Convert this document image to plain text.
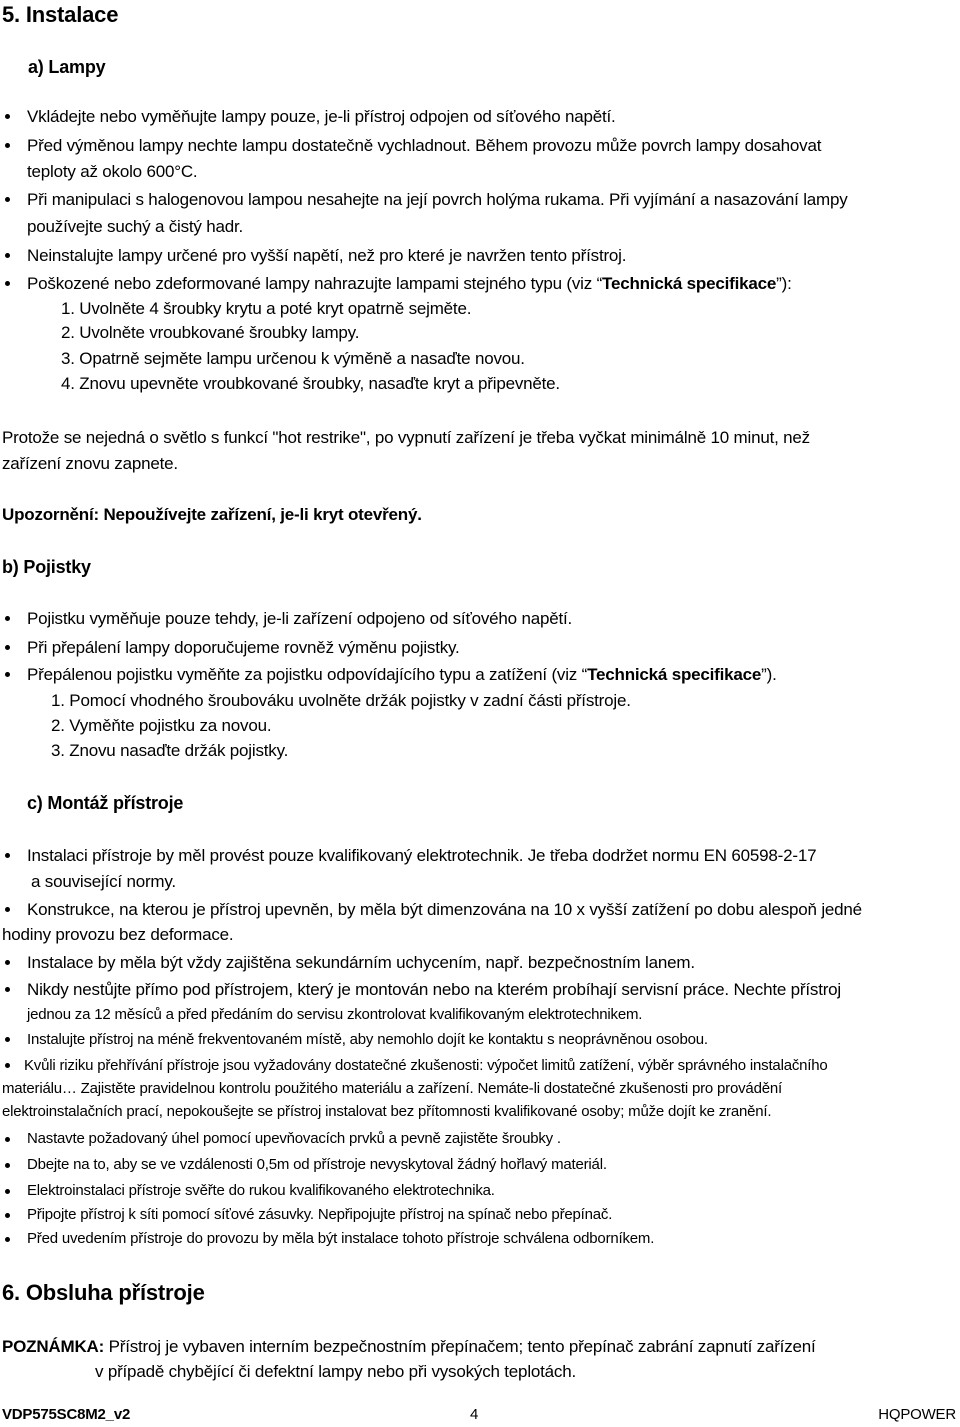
5. Instalace
a) Lampy
Vkládejte nebo vyměňujte lampy pouze, je-li přístroj odpojen od síťového napětí.
Před výměnou lampy nechte lampu dostatečně vychladnout. Během provozu může povrch lampy dosahovat
teploty až okolo 600°C.
Při manipulaci s halogenovou lampou nesahejte na její povrch holýma rukama. Při vyjímání a nasazování lampy
používejte suchý a čistý hadr.
Neinstalujte lampy určené pro vyšší napětí, než pro které je navržen tento přístroj.
Poškozené nebo zdeformované lampy nahrazujte lampami stejného typu (viz “Technická specifikace”):
1. Uvolněte 4 šroubky krytu a poté kryt opatrně sejměte.
2. Uvolněte vroubkované šroubky lampy.
3. Opatrně sejměte lampu určenou k výměně a nasaďte novou.
4. Znovu upevněte vroubkované šroubky, nasaďte kryt a připevněte.
Protože se nejedná o světlo s funkcí "hot restrike", po vypnutí zařízení je třeba vyčkat minimálně 10 minut, než
zařízení znovu zapnete.
Upozornění: Nepoužívejte zařízení, je-li kryt otevřený.
b) Pojistky
Pojistku vyměňuje pouze tehdy, je-li zařízení odpojeno od síťového napětí.
Při přepálení lampy doporučujeme rovněž výměnu pojistky.
Přepálenou pojistku vyměňte za pojistku odpovídajícího typu a zatížení (viz “Technická specifikace”).
1. Pomocí vhodného šroubováku uvolněte držák pojistky v zadní části přístroje.
2. Vyměňte pojistku za novou.
3. Znovu nasaďte držák pojistky.
c) Montáž přístroje
Instalaci přístroje by měl provést pouze kvalifikovaný elektrotechnik. Je třeba dodržet normu EN 60598-2-17
a související normy.
Konstrukce, na kterou je přístroj upevněn, by měla být dimenzována na 10 x vyšší zatížení po dobu alespoň jedné
hodiny provozu bez deformace.
Instalace by měla být vždy zajištěna sekundárním uchycením, např. bezpečnostním lanem.
Nikdy nestůjte přímo pod přístrojem, který je montován nebo na kterém probíhají servisní práce. Nechte přístroj
jednou za 12 měsíců a před předáním do servisu zkontrolovat kvalifikovaným elektrotechnikem.
Instalujte přístroj na méně frekventovaném místě, aby nemohlo dojít ke kontaktu s neoprávněnou osobou.
Kvůli riziku přehřívání přístroje jsou vyžadovány dostatečné zkušenosti: výpočet limitů zatížení, výběr správného instalačního
materiálu… Zajistěte pravidelnou kontrolu použitého materiálu a zařízení. Nemáte-li dostatečné zkušenosti pro provádění
elektroinstalačních prací, nepokoušejte se přístroj instalovat bez přítomnosti kvalifikované osoby; může dojít ke zranění.
Nastavte požadovaný úhel pomocí upevňovacích prvků a pevně zajistěte šroubky .
Dbejte na to, aby se ve vzdálenosti 0,5m od přístroje nevyskytoval žádný hořlavý materiál.
Elektroinstalaci přístroje svěřte do rukou kvalifikovaného elektrotechnika.
Připojte přístroj k síti pomocí síťové zásuvky. Nepřipojujte přístroj na spínač nebo přepínač.
Před uvedením přístroje do provozu by měla být instalace tohoto přístroje schválena odborníkem.
6. Obsluha přístroje
POZNÁMKA: Přístroj je vybaven interním bezpečnostním přepínačem; tento přepínač zabrání zapnutí zařízení
v případě chybějící či defektní lampy nebo při vysokých teplotách.
VDP575SC8M2_v2	4	HQPOWER
